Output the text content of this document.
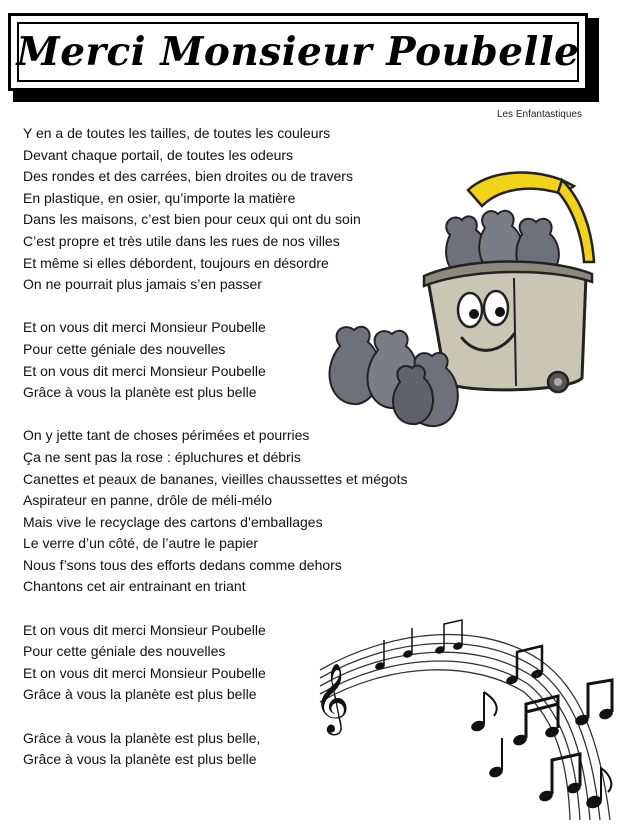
Merci Monsieur Poubelle
Les Enfantastiques
Y en a de toutes les tailles, de toutes les couleurs
Devant chaque portail, de toutes les odeurs
Des rondes et des carrées, bien droites ou de travers
En plastique, en osier, qu’importe la matière
Dans les maisons, c’est bien pour ceux qui ont du soin
C’est propre et très utile dans les rues de nos villes
Et même si elles débordent, toujours en désordre
On ne pourrait plus jamais s’en passer
Et on vous dit merci Monsieur Poubelle
Pour cette géniale des nouvelles
Et on vous dit merci Monsieur Poubelle
Grâce à vous la planète est plus belle
On y jette tant de choses périmées et pourries
Ça ne sent pas la rose : épluchures et débris
Canettes et peaux de bananes, vieilles chaussettes et mégots
Aspirateur en panne, drôle de méli-mélo
Mais vive le recyclage des cartons d’emballages
Le verre d’un côté, de l’autre le papier
Nous f’sons tous des efforts dedans comme dehors
Chantons cet air entrainant en triant
Et on vous dit merci Monsieur Poubelle
Pour cette géniale des nouvelles
Et on vous dit merci Monsieur Poubelle
Grâce à vous la planète est plus belle
Grâce à vous la planète est plus belle,
Grâce à vous la planète est plus belle
𝄞
